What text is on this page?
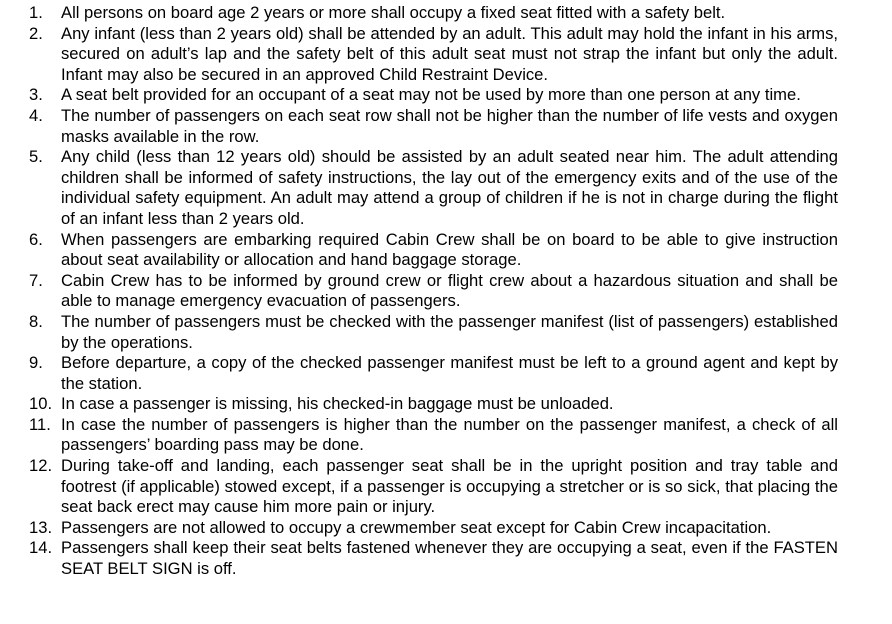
1.	All persons on board age 2 years or more shall occupy a fixed seat fitted with a safety belt.
2.	Any infant (less than 2 years old) shall be attended by an adult. This adult may hold the infant in his arms, secured on adult’s lap and the safety belt of this adult seat must not strap the infant but only the adult. Infant may also be secured in an approved Child Restraint Device.
3.	A seat belt provided for an occupant of a seat may not be used by more than one person at any time.
4.	The number of passengers on each seat row shall not be higher than the number of life vests and oxygen masks available in the row.
5.	Any child (less than 12 years old) should be assisted by an adult seated near him. The adult attending children shall be informed of safety instructions, the lay out of the emergency exits and of the use of the individual safety equipment. An adult may attend a group of children if he is not in charge during the flight of an infant less than 2 years old.
6.	When passengers are embarking required Cabin Crew shall be on board to be able to give instruction about seat availability or allocation and hand baggage storage.
7.	Cabin Crew has to be informed by ground crew or flight crew about a hazardous situation and shall be able to manage emergency evacuation of passengers.
8.	The number of passengers must be checked with the passenger manifest (list of passengers) established by the operations.
9.	Before departure, a copy of the checked passenger manifest must be left to a ground agent and kept by the station.
10. In case a passenger is missing, his checked-in baggage must be unloaded.
11. In case the number of passengers is higher than the number on the passenger manifest, a check of all passengers’ boarding pass may be done.
12. During take-off and landing, each passenger seat shall be in the upright position and tray table and footrest (if applicable) stowed except, if a passenger is occupying a stretcher or is so sick, that placing the seat back erect may cause him more pain or injury.
13. Passengers are not allowed to occupy a crewmember seat except for Cabin Crew incapacitation.
14. Passengers shall keep their seat belts fastened whenever they are occupying a seat, even if the FASTEN SEAT BELT SIGN is off.
